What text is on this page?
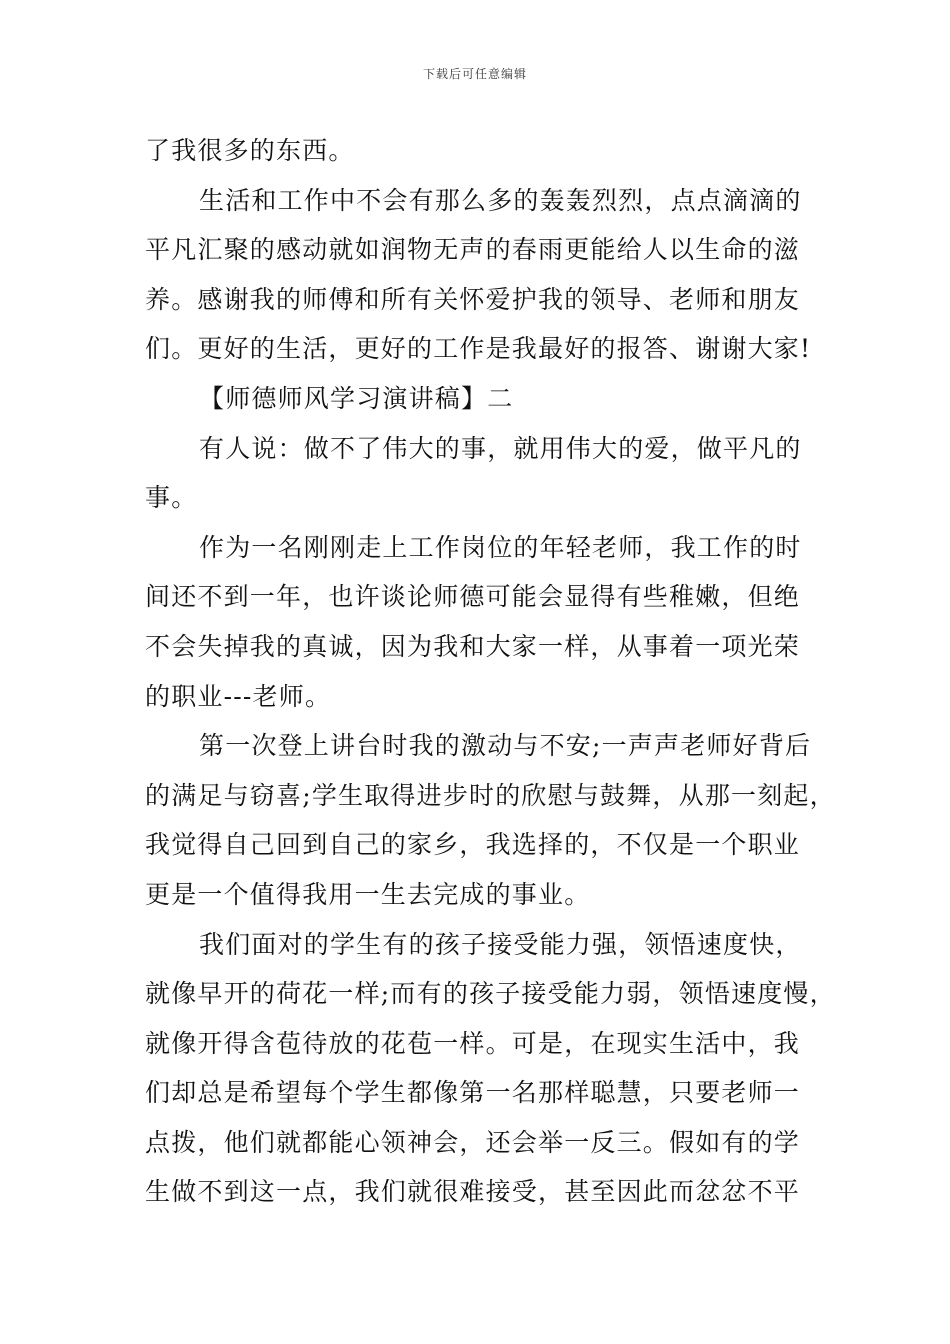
下载后可任意编辑
了我很多的东西。
生活和工作中不会有那么多的轰轰烈烈，点点滴滴的
平凡汇聚的感动就如润物无声的春雨更能给人以生命的滋
养。感谢我的师傅和所有关怀爱护我的领导、老师和朋友
们。更好的生活，更好的工作是我最好的报答、谢谢大家!
【师德师风学习演讲稿】二
有人说：做不了伟大的事，就用伟大的爱，做平凡的
事。
作为一名刚刚走上工作岗位的年轻老师，我工作的时
间还不到一年，也许谈论师德可能会显得有些稚嫩，但绝
不会失掉我的真诚，因为我和大家一样，从事着一项光荣
的职业---老师。
第一次登上讲台时我的激动与不安;一声声老师好背后
的满足与窃喜;学生取得进步时的欣慰与鼓舞，从那一刻起，
我觉得自己回到自己的家乡，我选择的，不仅是一个职业
更是一个值得我用一生去完成的事业。
我们面对的学生有的孩子接受能力强，领悟速度快，
就像早开的荷花一样;而有的孩子接受能力弱，领悟速度慢，
就像开得含苞待放的花苞一样。可是，在现实生活中，我
们却总是希望每个学生都像第一名那样聪慧，只要老师一
点拨，他们就都能心领神会，还会举一反三。假如有的学
生做不到这一点，我们就很难接受，甚至因此而忿忿不平
